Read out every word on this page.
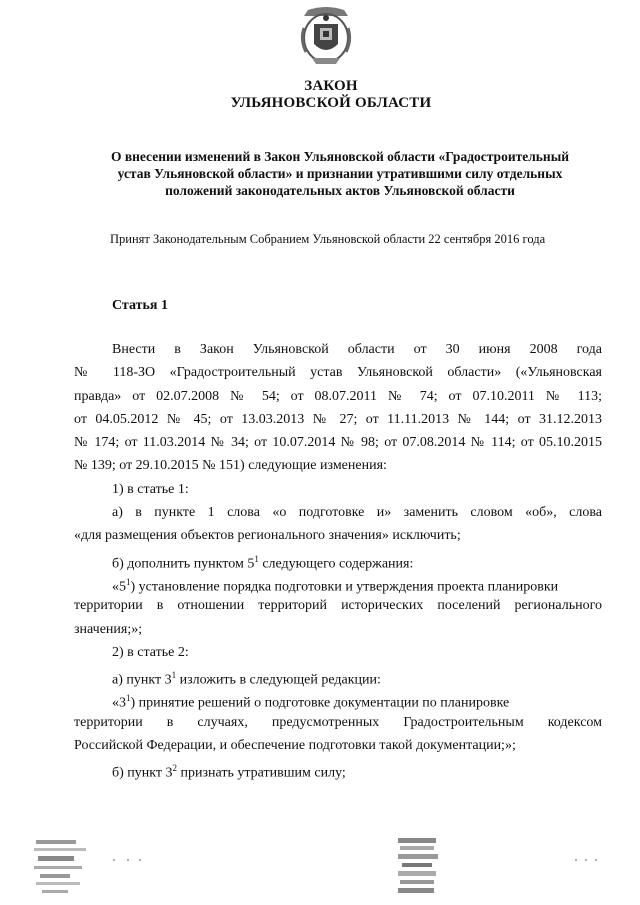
ЗАКОН
УЛЬЯНОВСКОЙ ОБЛАСТИ
О внесении изменений в Закон Ульяновской области «Градостроительный
устав Ульяновской области» и признании утратившими силу отдельных
положений законодательных актов Ульяновской области
Принят Законодательным Собранием Ульяновской области 22 сентября 2016 года
Статья 1
Внести в Закон Ульяновской области от 30 июня 2008 года
№ 118-ЗО «Градостроительный устав Ульяновской области» («Ульяновская
правда» от 02.07.2008 № 54; от 08.07.2011 № 74; от 07.10.2011 № 113;
от 04.05.2012 № 45; от 13.03.2013 № 27; от 11.11.2013 № 144; от 31.12.2013
№ 174; от 11.03.2014 № 34; от 10.07.2014 № 98; от 07.08.2014 № 114; от 05.10.2015
№ 139; от 29.10.2015 № 151) следующие изменения:
1) в статье 1:
а) в пункте 1 слова «о подготовке и» заменить словом «об», слова
«для размещения объектов регионального значения» исключить;
б) дополнить пунктом $5^1$ следующего содержания:
«$5^1$) установление порядка подготовки и утверждения проекта планировки
территории в отношении территорий исторических поселений регионального
значения;»;
2) в статье 2:
а) пункт $3^1$ изложить в следующей редакции:
«$3^1$) принятие решений о подготовке документации по планировке
территории в случаях, предусмотренных Градостроительным кодексом
Российской Федерации, и обеспечение подготовки такой документации;»;
б) пункт $3^2$ признать утратившим силу;
